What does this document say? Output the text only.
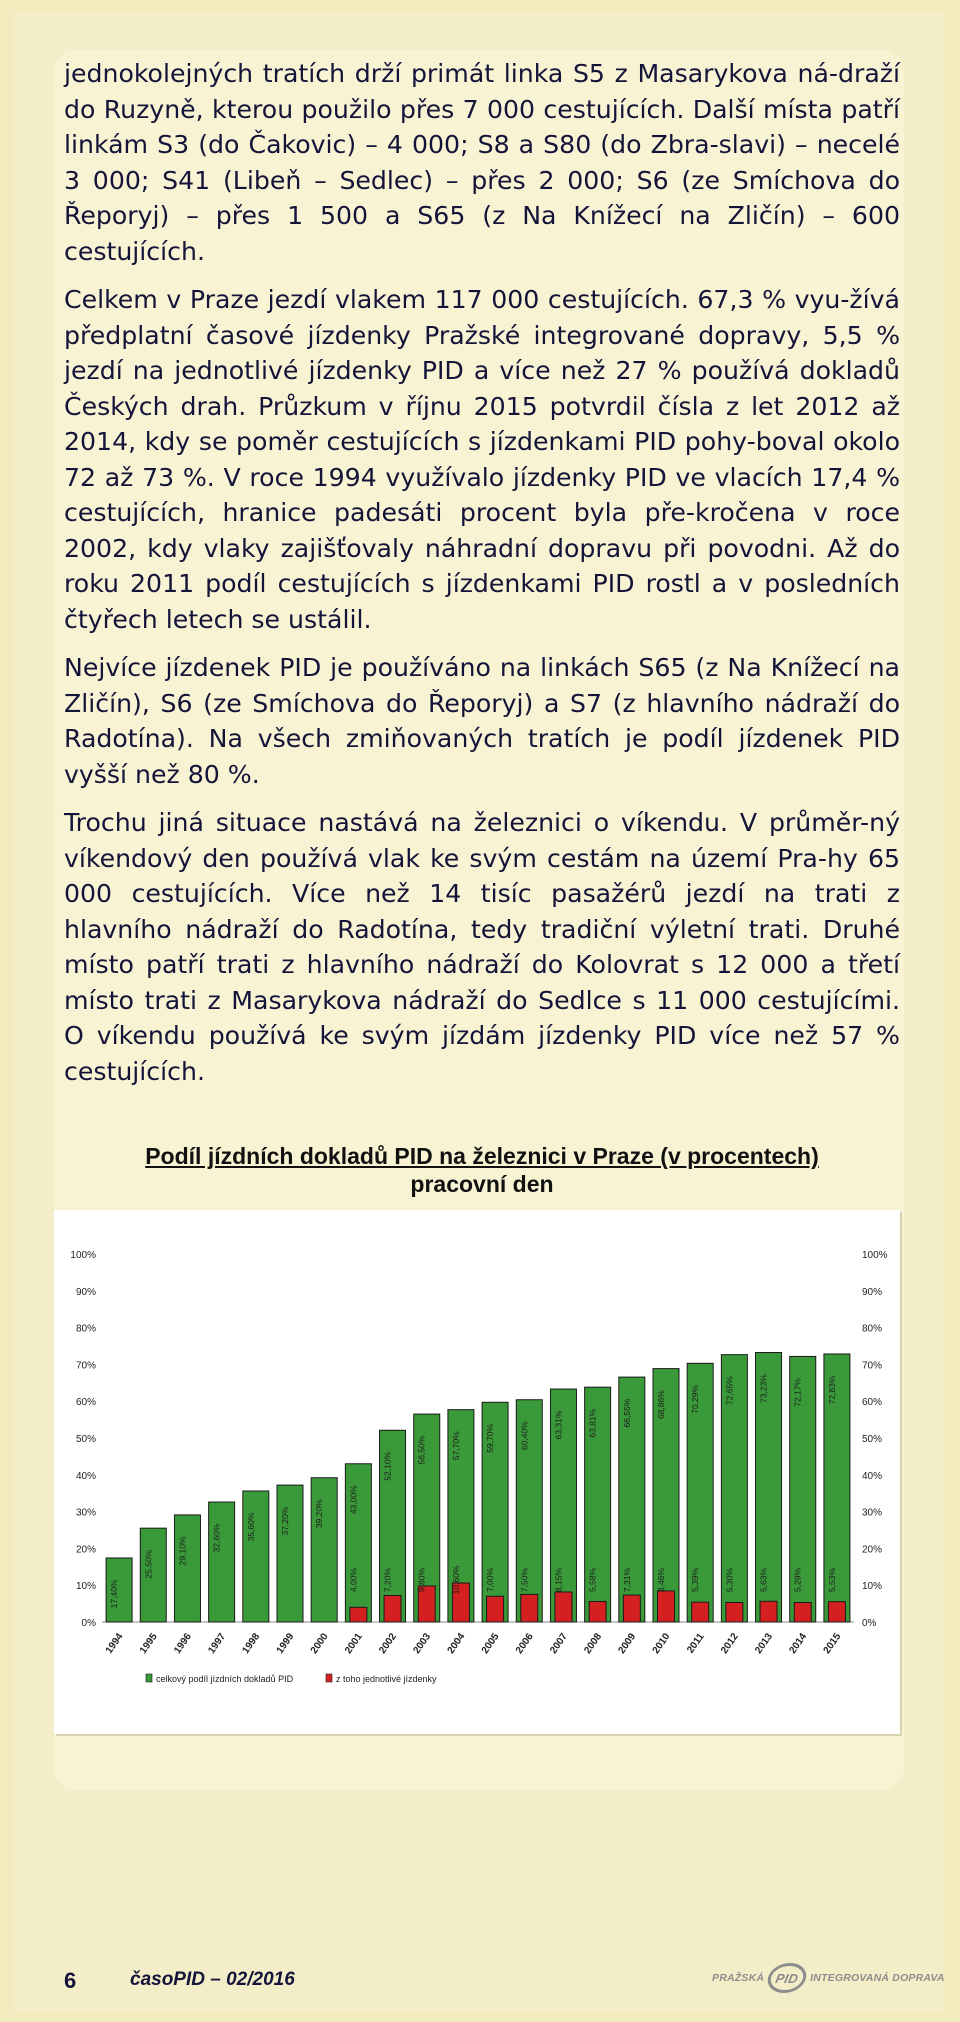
jednokolejných tratích drží primát linka S5 z Masarykova ná-draží do Ruzyně, kterou použilo přes 7 000 cestujících. Další místa patří linkám S3 (do Čakovic) – 4 000; S8 a S80 (do Zbra-slavi) – necelé 3 000; S41 (Libeň – Sedlec) – přes 2 000; S6 (ze Smíchova do Řeporyj) – přes 1 500 a S65 (z Na Knížecí na Zličín) – 600 cestujících.

Celkem v Praze jezdí vlakem 117 000 cestujících. 67,3 % vyu-žívá předplatní časové jízdenky Pražské integrované dopravy, 5,5 % jezdí na jednotlivé jízdenky PID a více než 27 % používá dokladů Českých drah. Průzkum v říjnu 2015 potvrdil čísla z let 2012 až 2014, kdy se poměr cestujících s jízdenkami PID pohy-boval okolo 72 až 73 %. V roce 1994 využívalo jízdenky PID ve vlacích 17,4 % cestujících, hranice padesáti procent byla pře-kročena v roce 2002, kdy vlaky zajišťovaly náhradní dopravu při povodni. Až do roku 2011 podíl cestujících s jízdenkami PID rostl a v posledních čtyřech letech se ustálil.

Nejvíce jízdenek PID je používáno na linkách S65 (z Na Knížecí na Zličín), S6 (ze Smíchova do Řeporyj) a S7 (z hlavního nádraží do Radotína). Na všech zmiňovaných tratích je podíl jízdenek PID vyšší než 80 %.

Trochu jiná situace nastává na železnici o víkendu. V průměr-ný víkendový den používá vlak ke svým cestám na území Pra-hy 65 000 cestujících. Více než 14 tisíc pasažérů jezdí na trati z hlavního nádraží do Radotína, tedy tradiční výletní trati. Druhé místo patří trati z hlavního nádraží do Kolovrat s 12 000 a třetí místo trati z Masarykova nádraží do Sedlce s 11 000 cestujícími. O víkendu používá ke svým jízdám jízdenky PID více než 57 % cestujících.

Podíl jízdních dokladů PID na železnici v Praze (v procentech)
pracovní den
0%	0%
10%	10%
20%	20%
30%	30%
40%	40%
50%	50%
60%	60%
70%	70%
80%	80%
90%	90%
100%	100%
17,40%
1994
25,50%
1995
29,10%
1996
32,60%
1997
35,60%
1998
37,20%
1999
39,20%
2000
43,00%
4,00%
2001
52,10%
7,20%
2002
56,50%
9,80%
2003
57,70%
10,60%
2004
59,70%
7,00%
2005
60,40%
7,50%
2006
63,31%
8,15%
2007
63,81%
5,58%
2008
66,55%
7,31%
2009
68,86%
8,46%
2010
70,29%
5,39%
2011
72,65%
5,30%
2012
73,23%
5,63%
2013
72,17%
5,29%
2014
72,83%
5,53%
2015
celkový podíl jízdních dokladů PID	z toho jednotlivé jízdenky
6	časoPID – 02/2016	PRAŽSKÁ PID INTEGROVANÁ DOPRAVA
